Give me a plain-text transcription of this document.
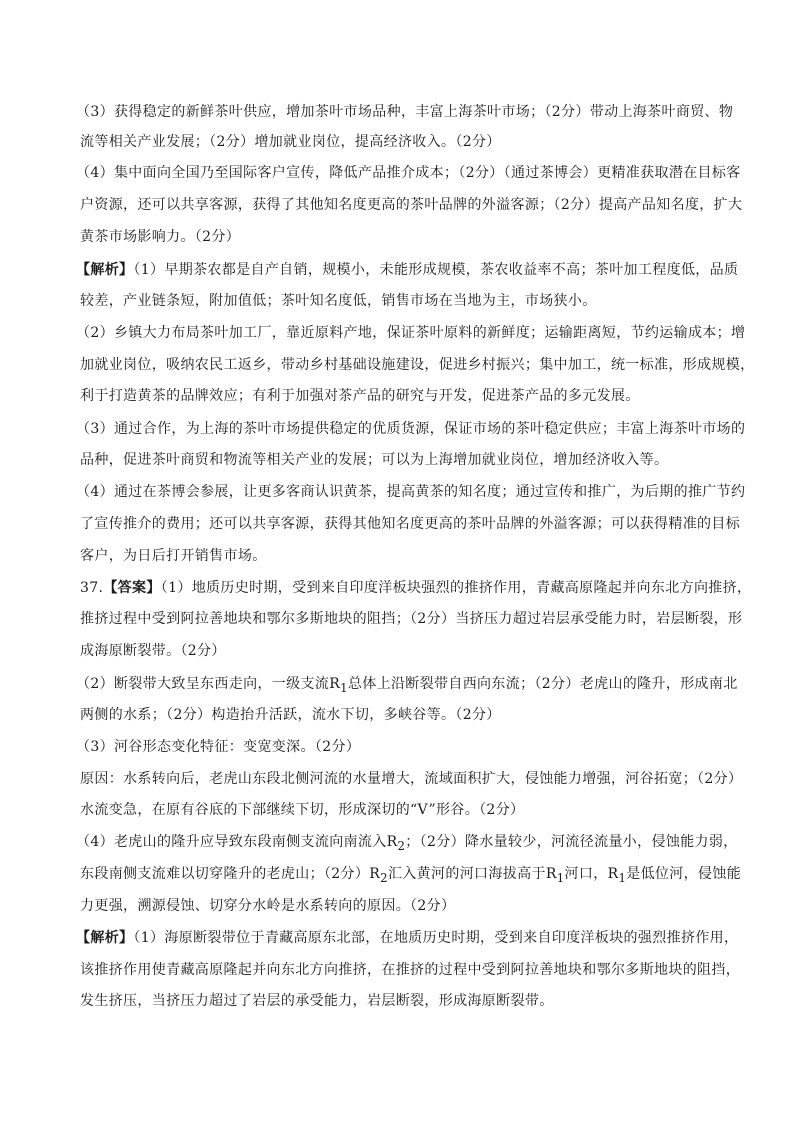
（3）获得稳定的新鲜茶叶供应，增加茶叶市场品种，丰富上海茶叶市场；（2分）带动上海茶叶商贸、物
流等相关产业发展；（2分）增加就业岗位，提高经济收入。（2分）
（4）集中面向全国乃至国际客户宣传，降低产品推介成本；（2分）（通过茶博会）更精准获取潜在目标客
户资源，还可以共享客源，获得了其他知名度更高的茶叶品牌的外溢客源；（2分）提高产品知名度，扩大
黄茶市场影响力。（2分）
【解析】（1）早期茶农都是自产自销，规模小，未能形成规模，茶农收益率不高；茶叶加工程度低，品质
较差，产业链条短，附加值低；茶叶知名度低，销售市场在当地为主，市场狭小。
（2）乡镇大力布局茶叶加工厂，靠近原料产地，保证茶叶原料的新鲜度；运输距离短，节约运输成本；增
加就业岗位，吸纳农民工返乡，带动乡村基础设施建设，促进乡村振兴；集中加工，统一标准，形成规模，
利于打造黄茶的品牌效应；有利于加强对茶产品的研究与开发，促进茶产品的多元发展。
（3）通过合作，为上海的茶叶市场提供稳定的优质货源，保证市场的茶叶稳定供应；丰富上海茶叶市场的
品种，促进茶叶商贸和物流等相关产业的发展；可以为上海增加就业岗位，增加经济收入等。
（4）通过在茶博会参展，让更多客商认识黄茶，提高黄茶的知名度；通过宣传和推广，为后期的推广节约
了宣传推介的费用；还可以共享客源，获得其他知名度更高的茶叶品牌的外溢客源；可以获得精准的目标
客户，为日后打开销售市场。
37.【答案】（1）地质历史时期，受到来自印度洋板块强烈的推挤作用，青藏高原隆起并向东北方向推挤，
推挤过程中受到阿拉善地块和鄂尔多斯地块的阻挡；（2分）当挤压力超过岩层承受能力时，岩层断裂，形
成海原断裂带。（2分）
（2）断裂带大致呈东西走向，一级支流$R_1$总体上沿断裂带自西向东流；（2分）老虎山的隆升，形成南北
两侧的水系；（2分）构造抬升活跃，流水下切，多峡谷等。（2分）
（3）河谷形态变化特征：变宽变深。（2分）
原因：水系转向后，老虎山东段北侧河流的水量增大，流域面积扩大，侵蚀能力增强，河谷拓宽；（2分）
水流变急，在原有谷底的下部继续下切，形成深切的“V”形谷。（2分）
（4）老虎山的隆升应导致东段南侧支流向南流入$R_2$；（2分）降水量较少，河流径流量小，侵蚀能力弱，
东段南侧支流难以切穿隆升的老虎山；（2分）$R_2$汇入黄河的河口海拔高于$R_1$河口，$R_1$是低位河，侵蚀能
力更强，溯源侵蚀、切穿分水岭是水系转向的原因。（2分）
【解析】（1）海原断裂带位于青藏高原东北部，在地质历史时期，受到来自印度洋板块的强烈推挤作用，
该推挤作用使青藏高原隆起并向东北方向推挤，在推挤的过程中受到阿拉善地块和鄂尔多斯地块的阻挡，
发生挤压，当挤压力超过了岩层的承受能力，岩层断裂，形成海原断裂带。
